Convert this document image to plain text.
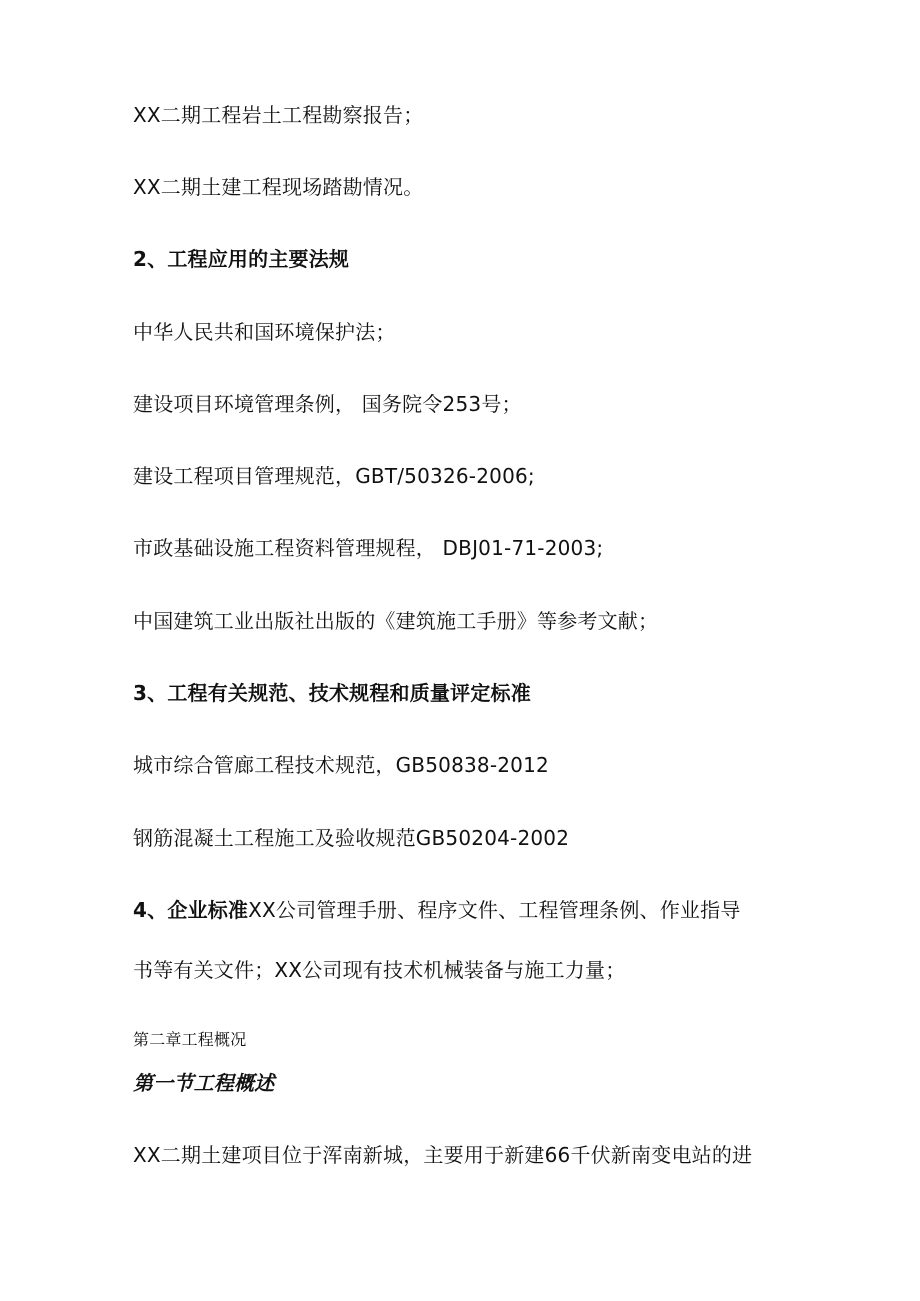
XX二期工程岩土工程勘察报告；
XX二期土建工程现场踏勘情况。
2、工程应用的主要法规
中华人民共和国环境保护法；
建设项目环境管理条例， 国务院令253号；
建设工程项目管理规范，GBT/50326-2006;
市政基础设施工程资料管理规程， DBJ01-71-2003;
中国建筑工业出版社出版的《建筑施工手册》等参考文献；
3、工程有关规范、技术规程和质量评定标准
城市综合管廊工程技术规范，GB50838-2012
钢筋混凝土工程施工及验收规范GB50204-2002
4、企业标准XX公司管理手册、程序文件、工程管理条例、作业指导
书等有关文件；XX公司现有技术机械装备与施工力量；
第二章工程概况
第一节工程概述
XX二期土建项目位于浑南新城，主要用于新建66千伏新南变电站的进
